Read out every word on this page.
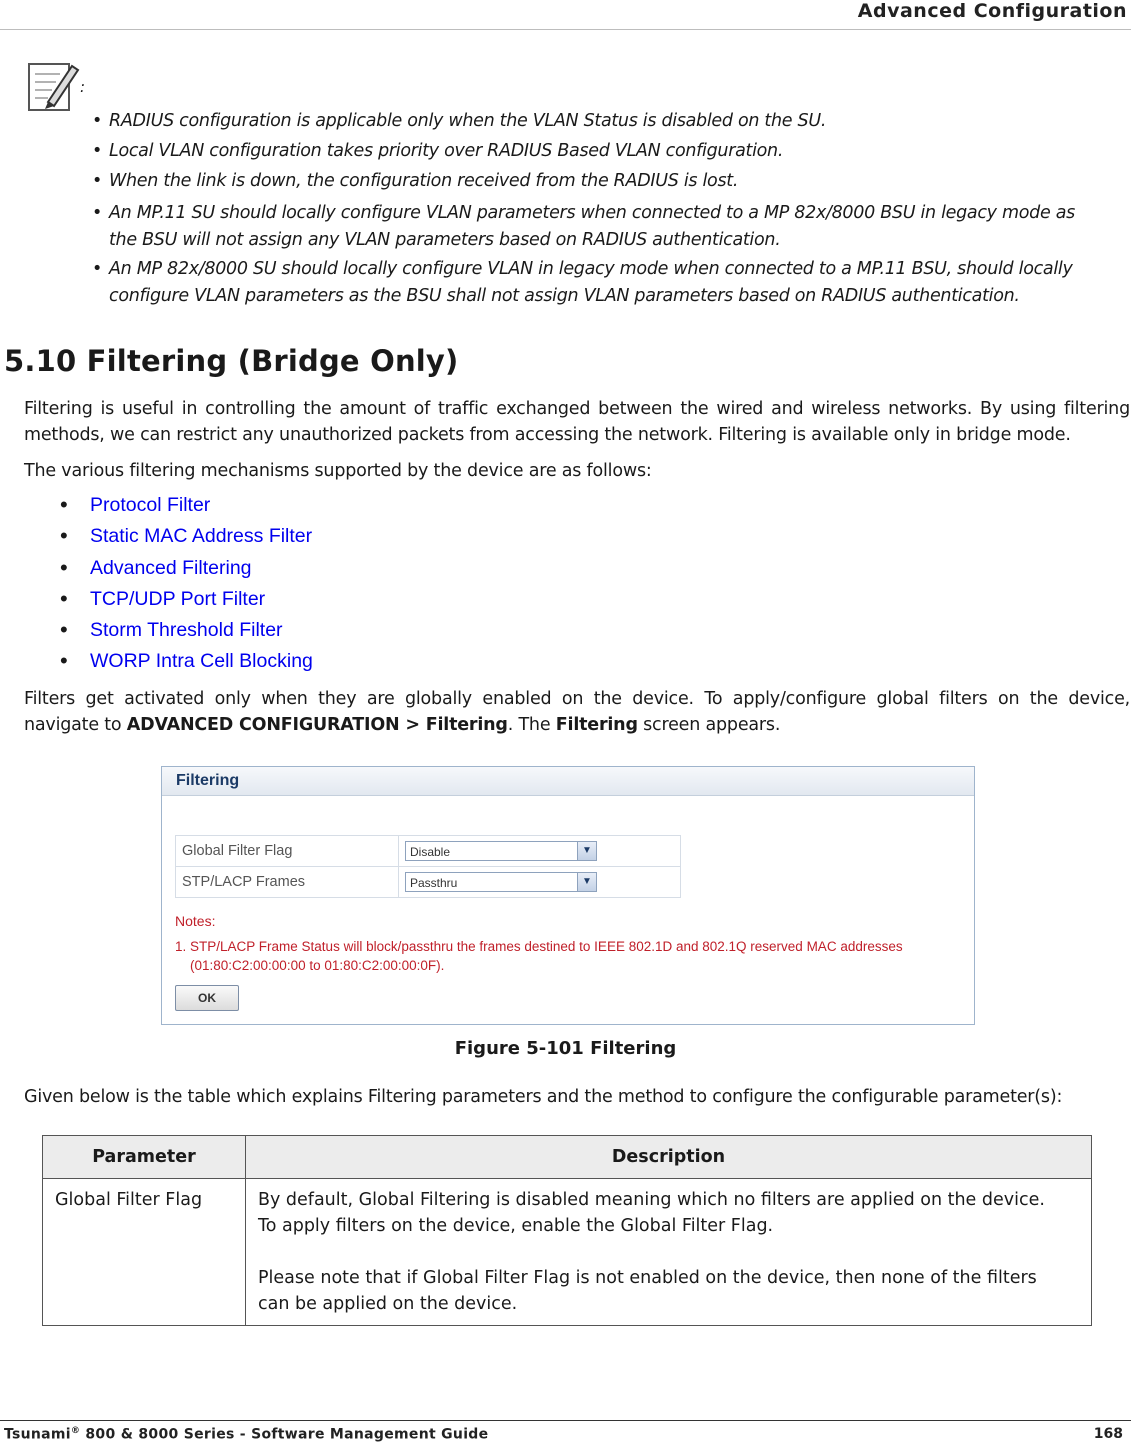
Advanced Configuration
:
• RADIUS configuration is applicable only when the VLAN Status is disabled on the SU.
• Local VLAN configuration takes priority over RADIUS Based VLAN configuration.
• When the link is down, the configuration received from the RADIUS is lost.
• An MP.11 SU should locally configure VLAN parameters when connected to a MP 82x/8000 BSU in legacy mode as
the BSU will not assign any VLAN parameters based on RADIUS authentication.
• An MP 82x/8000 SU should locally configure VLAN in legacy mode when connected to a MP.11 BSU, should locally
configure VLAN parameters as the BSU shall not assign VLAN parameters based on RADIUS authentication.
5.10 Filtering (Bridge Only)
Filtering is useful in controlling the amount of traffic exchanged between the wired and wireless networks. By using filtering
methods, we can restrict any unauthorized packets from accessing the network. Filtering is available only in bridge mode.
The various filtering mechanisms supported by the device are as follows:
• Protocol Filter
• Static MAC Address Filter
• Advanced Filtering
• TCP/UDP Port Filter
• Storm Threshold Filter
• WORP Intra Cell Blocking
Filters get activated only when they are globally enabled on the device. To apply/configure global filters on the device,
navigate to ADVANCED CONFIGURATION > Filtering. The Filtering screen appears.
Filtering
Global Filter Flag	Disable ▼

STP/LACP Frames	Passthru ▼
Notes:
1. STP/LACP Frame Status will block/passthru the frames destined to IEEE 802.1D and 802.1Q reserved MAC addresses
(01:80:C2:00:00:00 to 01:80:C2:00:00:0F).
OK
Figure 5-101 Filtering
Given below is the table which explains Filtering parameters and the method to configure the configurable parameter(s):
Parameter	Description
Global Filter Flag	By default, Global Filtering is disabled meaning which no filters are applied on the device.

To apply filters on the device, enable the Global Filter Flag.

Please note that if Global Filter Flag is not enabled on the device, then none of the filters

can be applied on the device.

Tsunami® 800 & 8000 Series - Software Management Guide	168
